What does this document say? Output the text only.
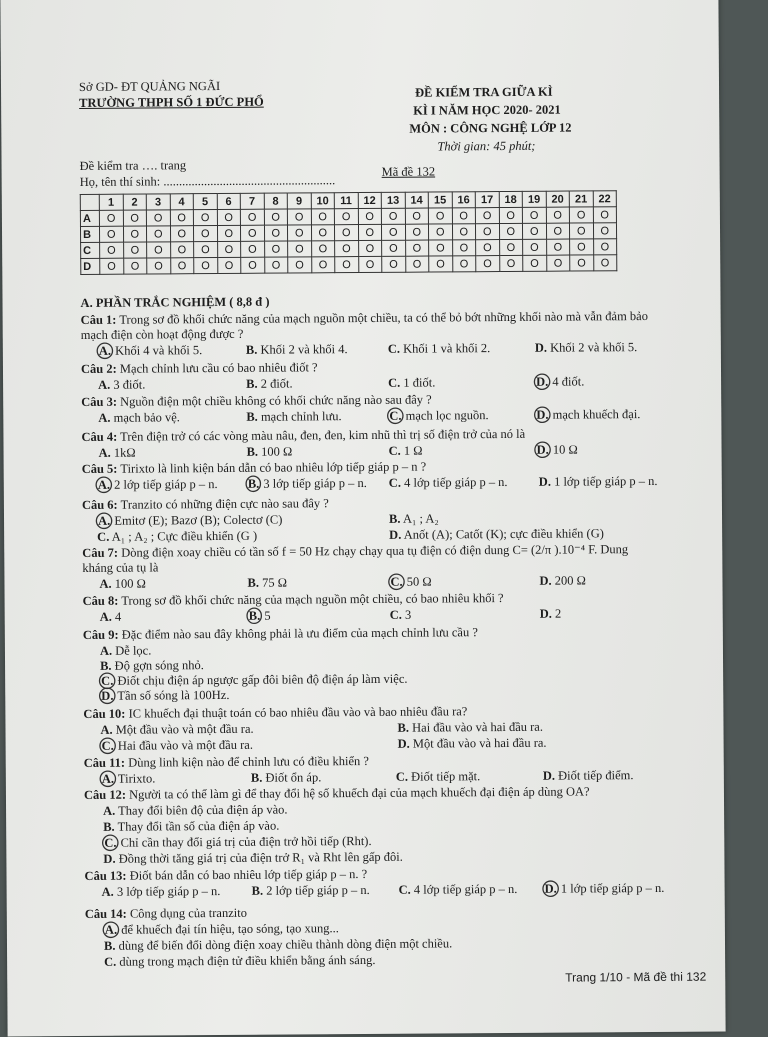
Sở GD- ĐT QUẢNG NGÃI
TRƯỜNG THPH SỐ 1 ĐỨC PHỔ
ĐỀ KIỂM TRA GIỮA KÌ
KÌ I NĂM HỌC 2020- 2021
MÔN : CÔNG NGHỆ LỚP 12
Thời gian: 45 phút;
Đề kiểm tra …. trang
Họ, tên thí sinh: .......................................................
Mã đề 132
	1	2	3	4	5	6	7	8	9	10	11	12	13	14	15	16	17	18	19	20	21	22
A	O	O	O	O	O	O	O	O	O	O	O	O	O	O	O	O	O	O	O	O	O	O
B	O	O	O	O	O	O	O	O	O	O	O	O	O	O	O	O	O	O	O	O	O	O
C	O	O	O	O	O	O	O	O	O	O	O	O	O	O	O	O	O	O	O	O	O	O
D	O	O	O	O	O	O	O	O	O	O	O	O	O	O	O	O	O	O	O	O	O	O
A. PHẦN TRẮC NGHIỆM ( 8,8 đ )
Câu 1: Trong sơ đồ khối chức năng của mạch nguồn một chiều, ta có thể bỏ bớt những khối nào mà vẫn đảm bảo
mạch điện còn hoạt động được ?
A. Khối 4 và khối 5.	B. Khối 2 và khối 4.	C. Khối 1 và khối 2.	D. Khối 2 và khối 5.
Câu 2: Mạch chỉnh lưu cầu có bao nhiêu điốt ?
A. 3 điốt.	B. 2 điốt.	C. 1 điốt.	D. 4 điốt.
Câu 3: Nguồn điện một chiều không có khối chức năng nào sau đây ?
A. mạch bảo vệ.	B. mạch chỉnh lưu.	C. mạch lọc nguồn.	D. mạch khuếch đại.
Câu 4: Trên điện trở có các vòng màu nâu, đen, đen, kim nhũ thì trị số điện trở của nó là
A. 1kΩ	B. 100 Ω	C. 1 Ω	D. 10 Ω
Câu 5: Tirixto là linh kiện bán dẫn có bao nhiêu lớp tiếp giáp p – n ?
A. 2 lớp tiếp giáp p – n. B. 3 lớp tiếp giáp p – n. C. 4 lớp tiếp giáp p – n. D. 1 lớp tiếp giáp p – n.
Câu 6: Tranzito có những điện cực nào sau đây ?
A. Emitơ (E); Bazơ (B); Colectơ (C)	B. A₁ ; A₂
C. A₁ ; A₂ ; Cực điều khiển (G )	D. Anốt (A); Catốt (K); cực điều khiển (G)
Câu 7: Dòng điện xoay chiều có tần số f = 50 Hz chạy chạy qua tụ điện có điện dung C= (2/π ).10⁻⁴ F. Dung
kháng của tụ là
A. 100 Ω	B. 75 Ω	C. 50 Ω	D. 200 Ω
Câu 8: Trong sơ đồ khối chức năng của mạch nguồn một chiều, có bao nhiêu khối ?
A. 4	B. 5	C. 3	D. 2
Câu 9: Đặc điểm nào sau đây không phải là ưu điểm của mạch chỉnh lưu cầu ?
A. Dễ lọc.
B. Độ gợn sóng nhỏ.
C. Điốt chịu điện áp ngược gấp đôi biên độ điện áp làm việc.
D. Tần số sóng là 100Hz.
Câu 10: IC khuếch đại thuật toán có bao nhiêu đầu vào và bao nhiêu đầu ra?
A. Một đầu vào và một đầu ra.	B. Hai đầu vào và hai đầu ra.
C. Hai đầu vào và một đầu ra.	D. Một đầu vào và hai đầu ra.
Câu 11: Dùng linh kiện nào để chỉnh lưu có điều khiển ?
A. Tirixto.	B. Điốt ổn áp.	C. Điốt tiếp mặt.	D. Điốt tiếp điểm.
Câu 12: Người ta có thể làm gì để thay đổi hệ số khuếch đại của mạch khuếch đại điện áp dùng OA?
A. Thay đổi biên độ của điện áp vào.
B. Thay đổi tần số của điện áp vào.
C. Chỉ cần thay đổi giá trị của điện trở hồi tiếp (Rht).
D. Đồng thời tăng giá trị của điện trở R₁ và Rht lên gấp đôi.
Câu 13: Điốt bán dẫn có bao nhiêu lớp tiếp giáp p – n. ?
A. 3 lớp tiếp giáp p – n. B. 2 lớp tiếp giáp p – n. C. 4 lớp tiếp giáp p – n. D. 1 lớp tiếp giáp p – n.
Câu 14: Công dụng của tranzito
A. để khuếch đại tín hiệu, tạo sóng, tạo xung...
B. dùng để biến đổi dòng điện xoay chiều thành dòng điện một chiều.
C. dùng trong mạch điện tử điều khiển bằng ánh sáng.
Trang 1/10 - Mã đề thi 132
